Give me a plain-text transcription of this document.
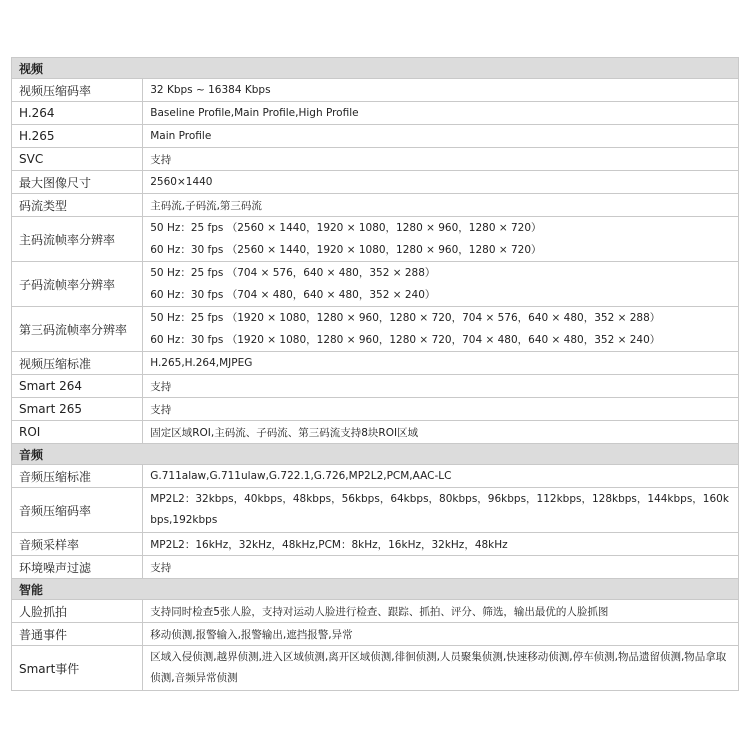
视频	
视频压缩码率	32 Kbps ~ 16384 Kbps
H.264	Baseline Profile,Main Profile,High Profile
H.265	Main Profile
SVC	支持
最大图像尺寸	2560×1440
码流类型	主码流,子码流,第三码流
主码流帧率分辨率	50 Hz：25 fps （2560 × 1440，1920 × 1080，1280 × 960，1280 × 720）
60 Hz：30 fps （2560 × 1440，1920 × 1080，1280 × 960，1280 × 720）

子码流帧率分辨率	50 Hz：25 fps （704 × 576，640 × 480，352 × 288）
60 Hz：30 fps （704 × 480，640 × 480，352 × 240）

第三码流帧率分辨率	50 Hz：25 fps （1920 × 1080，1280 × 960，1280 × 720，704 × 576，640 × 480，352 × 288）
60 Hz：30 fps （1920 × 1080，1280 × 960，1280 × 720，704 × 480，640 × 480，352 × 240）

视频压缩标准	H.265,H.264,MJPEG
Smart 264	支持
Smart 265	支持
ROI	固定区域ROI,主码流、子码流、第三码流支持8块ROI区域
音频	
音频压缩标准	G.711alaw,G.711ulaw,G.722.1,G.726,MP2L2,PCM,AAC-LC
音频压缩码率	MP2L2：32kbps，40kbps，48kbps，56kbps，64kbps，80kbps，96kbps，112kbps，128kbps，144kbps，160kbps,192kbps

音频采样率	MP2L2：16kHz，32kHz，48kHz,PCM：8kHz，16kHz，32kHz，48kHz
环境噪声过滤	支持
智能	
人脸抓拍	支持同时检查5张人脸，支持对运动人脸进行检查、跟踪、抓拍、评分、筛选，输出最优的人脸抓图
普通事件	移动侦测,报警输入,报警输出,遮挡报警,异常
Smart事件	区域入侵侦测,越界侦测,进入区域侦测,离开区域侦测,徘徊侦测,人员聚集侦测,快速移动侦测,停车侦测,物品遗留侦测,物品拿取侦测,音频异常侦测
